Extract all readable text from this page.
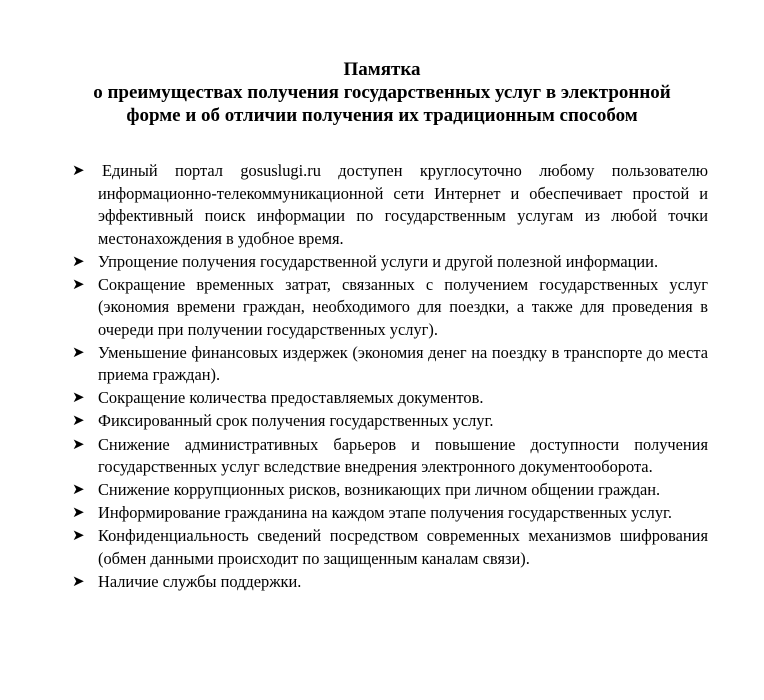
Памятка
о преимуществах получения государственных услуг в электронной
форме и об отличии получения их традиционным способом
➤ Единый портал gosuslugi.ru доступен круглосуточно любому пользователю информационно-телекоммуникационной сети Интернет и обеспечивает простой и эффективный поиск информации по государственным услугам из любой точки местонахождения в удобное время.
➤ Упрощение получения государственной услуги и другой полезной информации.
➤ Сокращение временных затрат, связанных с получением государственных услуг (экономия времени граждан, необходимого для поездки, а также для проведения в очереди при получении государственных услуг).
➤ Уменьшение финансовых издержек (экономия денег на поездку в транспорте до места приема граждан).
➤ Сокращение количества предоставляемых документов.
➤ Фиксированный срок получения государственных услуг.
➤ Снижение административных барьеров и повышение доступности получения государственных услуг вследствие внедрения электронного документооборота.
➤ Снижение коррупционных рисков, возникающих при личном общении граждан.
➤ Информирование гражданина на каждом этапе получения государственных услуг.
➤ Конфиденциальность сведений посредством современных механизмов шифрования (обмен данными происходит по защищенным каналам связи).
➤ Наличие службы поддержки.
